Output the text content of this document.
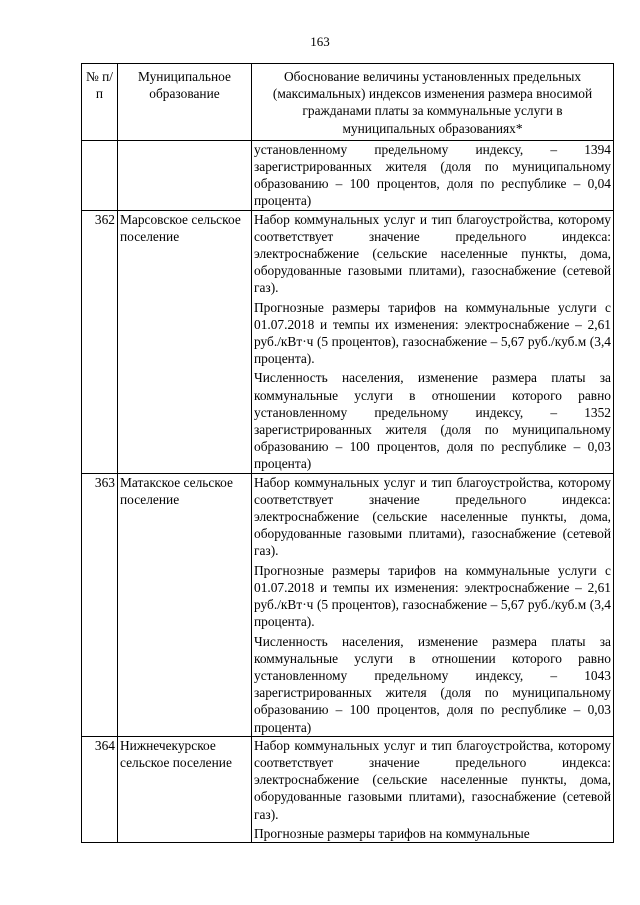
163
№ п/п	Муниципальное образование	Обоснование величины установленных предельных (максимальных) индексов изменения размера вносимой гражданами платы за коммунальные услуги в муниципальных образованиях*

		установленному предельному индексу, – 1394 зарегистрированных жителя (доля по муниципальному образованию – 100 процентов, доля по республике – 0,04 процента)

362	Марсовское сельское поселение	Набор коммунальных услуг и тип благоустройства, которому соответствует значение предельного индекса: электроснабжение (сельские населенные пункты, дома, оборудованные газовыми плитами), газоснабжение (сетевой газ).

Прогнозные размеры тарифов на коммунальные услуги с 01.07.2018 и темпы их изменения: электроснабжение – 2,61 руб./кВт·ч (5 процентов), газоснабжение – 5,67 руб./куб.м (3,4 процента).

Численность населения, изменение размера платы за коммунальные услуги в отношении которого равно установленному предельному индексу, – 1352 зарегистрированных жителя (доля по муниципальному образованию – 100 процентов, доля по республике – 0,03 процента)

363	Матакское сельское поселение	Набор коммунальных услуг и тип благоустройства, которому соответствует значение предельного индекса: электроснабжение (сельские населенные пункты, дома, оборудованные газовыми плитами), газоснабжение (сетевой газ).

Прогнозные размеры тарифов на коммунальные услуги с 01.07.2018 и темпы их изменения: электроснабжение – 2,61 руб./кВт·ч (5 процентов), газоснабжение – 5,67 руб./куб.м (3,4 процента).

Численность населения, изменение размера платы за коммунальные услуги в отношении которого равно установленному предельному индексу, – 1043 зарегистрированных жителя (доля по муниципальному образованию – 100 процентов, доля по республике – 0,03 процента)

364	Нижнечекурское сельское поселение	Набор коммунальных услуг и тип благоустройства, которому соответствует значение предельного индекса: электроснабжение (сельские населенные пункты, дома, оборудованные газовыми плитами), газоснабжение (сетевой газ).

Прогнозные размеры тарифов на коммунальные
